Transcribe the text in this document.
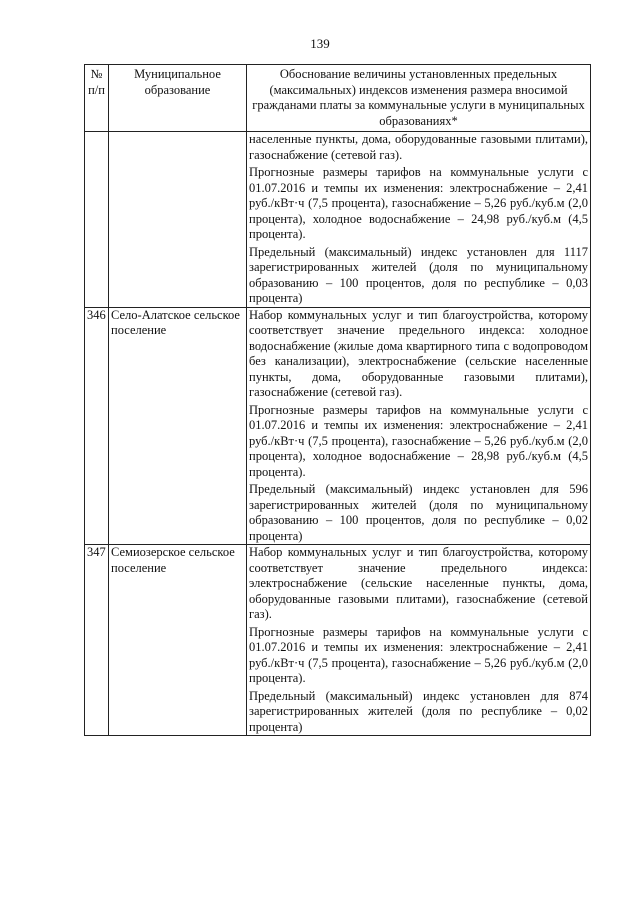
139
№ п/п	Муниципальное образование	Обоснование величины установленных предельных (максимальных) индексов изменения размера вносимой гражданами платы за коммунальные услуги в муниципальных образованиях*

		населенные пункты, дома, оборудованные газовыми плитами), газоснабжение (сетевой газ).

Прогнозные размеры тарифов на коммунальные услуги с 01.07.2016 и темпы их изменения: электроснабжение – 2,41 руб./кВт·ч (7,5 процента), газоснабжение – 5,26 руб./куб.м (2,0 процента), холодное водоснабжение – 24,98 руб./куб.м (4,5 процента).

Предельный (максимальный) индекс установлен для 1117 зарегистрированных жителей (доля по муниципальному образованию – 100 процентов, доля по республике – 0,03 процента)

346	Село-Алатское сельское поселение	Набор коммунальных услуг и тип благоустройства, которому соответствует значение предельного индекса: холодное водоснабжение (жилые дома квартирного типа с водопроводом без канализации), электроснабжение (сельские населенные пункты, дома, оборудованные газовыми плитами), газоснабжение (сетевой газ).

Прогнозные размеры тарифов на коммунальные услуги с 01.07.2016 и темпы их изменения: электроснабжение – 2,41 руб./кВт·ч (7,5 процента), газоснабжение – 5,26 руб./куб.м (2,0 процента), холодное водоснабжение – 28,98 руб./куб.м (4,5 процента).

Предельный (максимальный) индекс установлен для 596 зарегистрированных жителей (доля по муниципальному образованию – 100 процентов, доля по республике – 0,02 процента)

347	Семиозерское сельское поселение	Набор коммунальных услуг и тип благоустройства, которому соответствует значение предельного индекса: электроснабжение (сельские населенные пункты, дома, оборудованные газовыми плитами), газоснабжение (сетевой газ).

Прогнозные размеры тарифов на коммунальные услуги с 01.07.2016 и темпы их изменения: электроснабжение – 2,41 руб./кВт·ч (7,5 процента), газоснабжение – 5,26 руб./куб.м (2,0 процента).

Предельный (максимальный) индекс установлен для 874 зарегистрированных жителей (доля по республике – 0,02 процента)
